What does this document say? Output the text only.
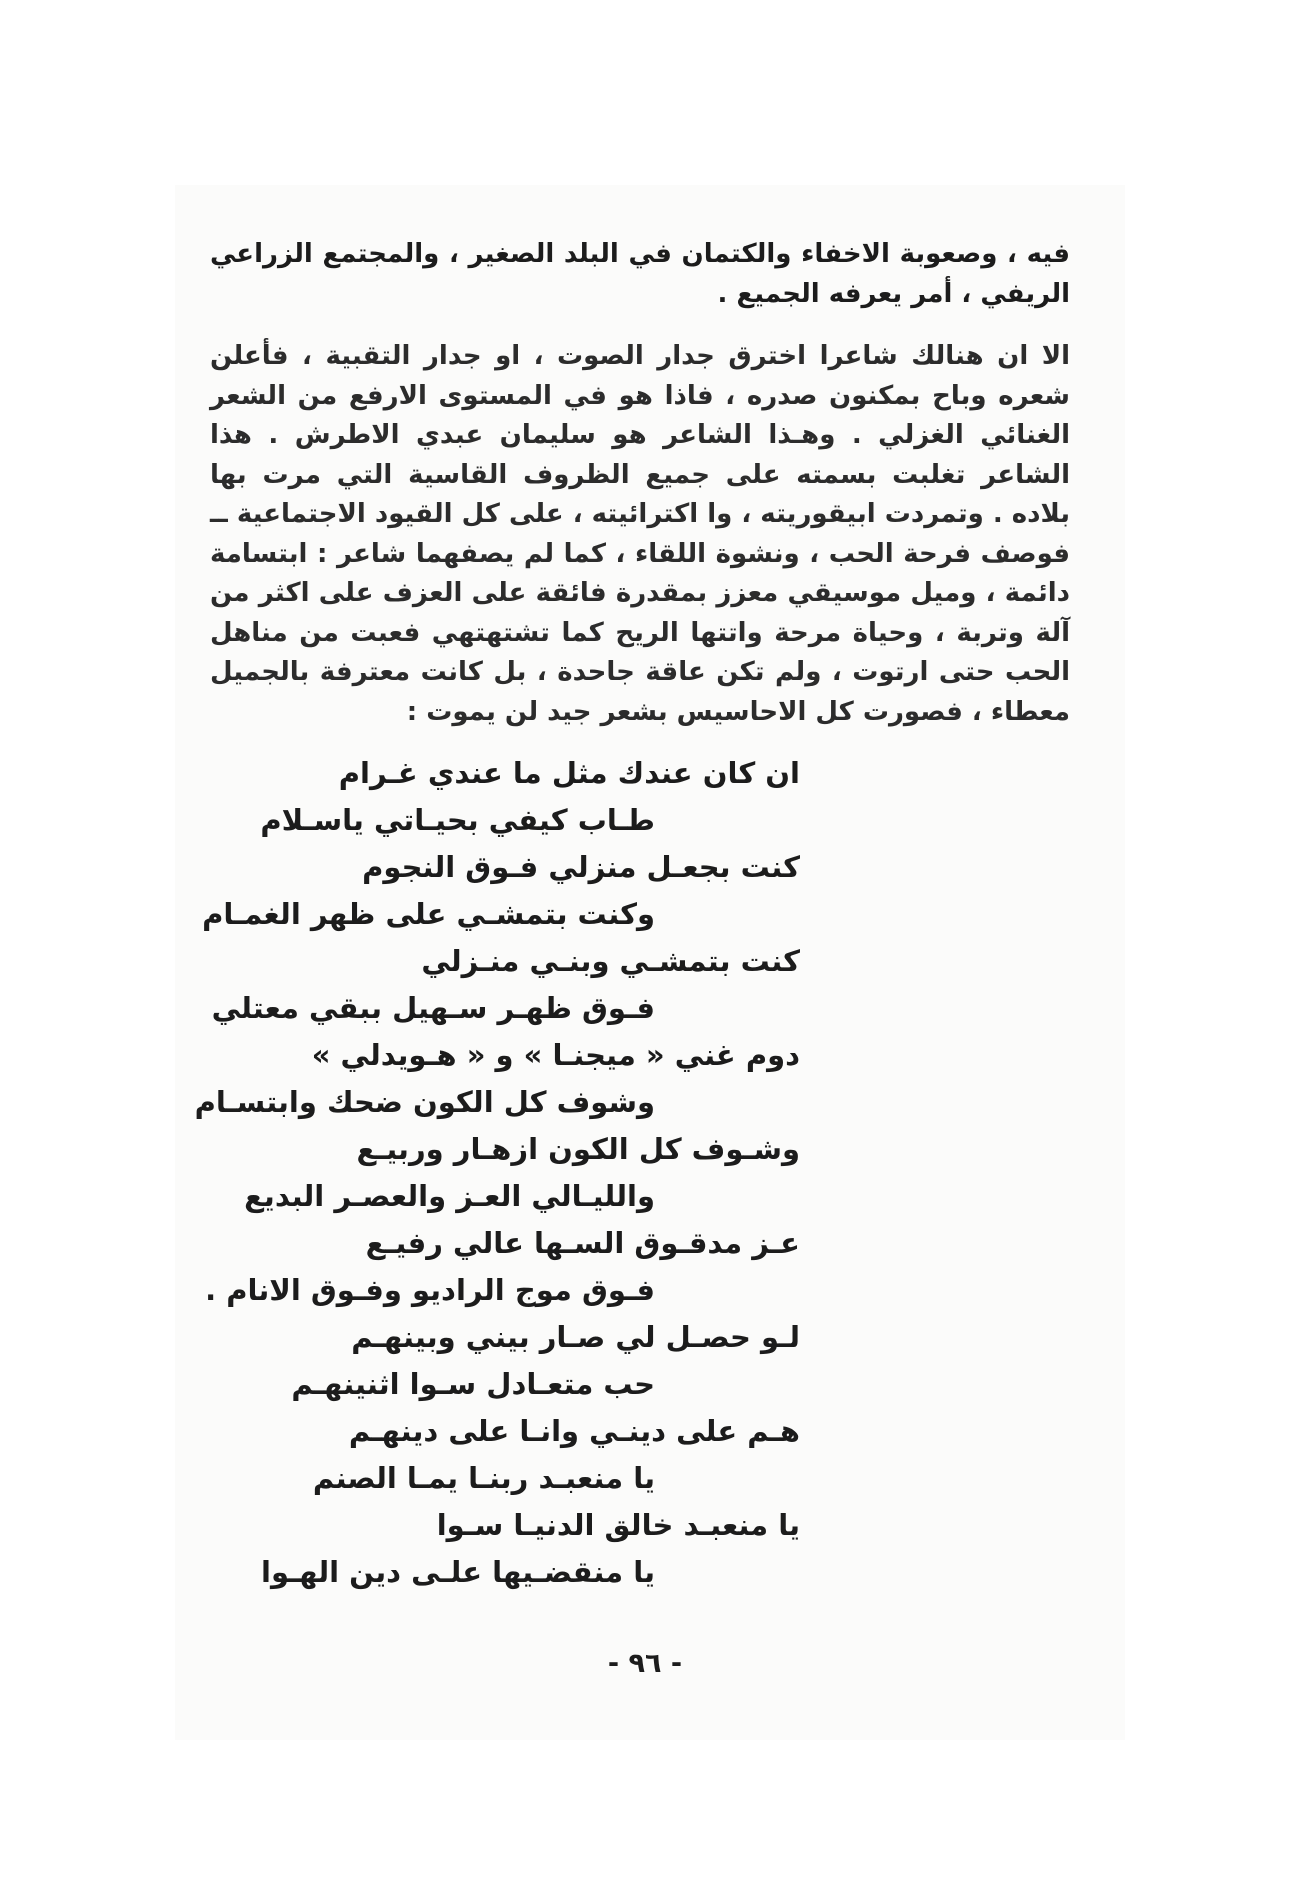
فيه ، وصعوبة الاخفاء والكتمان في البلد الصغير ، والمجتمع الزراعي الريفي ، أمر يعرفه الجميع .

الا ان هنالك شاعرا اخترق جدار الصوت ، او جدار التقبية ، فأعلن شعره وباح بمكنون صدره ، فاذا هو في المستوى الارفع من الشعر الغنائي الغزلي . وهـذا الشاعر هو سليمان عبدي الاطرش . هذا الشاعر تغلبت بسمته على جميع الظروف القاسية التي مرت بها بلاده . وتمردت ابيقوريته ، وا اكترائيته ، على كل القيود الاجتماعية ــ فوصف فرحة الحب ، ونشوة اللقاء ، كما لم يصفهما شاعر : ابتسامة دائمة ، وميل موسيقي معزز بمقدرة فائقة على العزف على اكثر من آلة وتربة ، وحياة مرحة واتتها الريح كما تشتهتهي فعبت من مناهل الحب حتى ارتوت ، ولم تكن عاقة جاحدة ، بل كانت معترفة بالجميل معطاء ، فصورت كل الاحاسيس بشعر جيد لن يموت :

ان كان عندك مثل ما عندي غـرام
طـاب كيفي بحيـاتي ياسـلام
كنت بجعـل منزلي فـوق النجوم
وكنت بتمشـي على ظهر الغمـام
كنت بتمشـي وبنـي منـزلي
فـوق ظهـر سـهيل ببقي معتلي
دوم غني « ميجنـا » و « هـويدلي »
وشوف كل الكون ضحك وابتسـام
وشـوف كل الكون ازهـار وربيـع
والليـالي العـز والعصـر البديع
عـز مدقـوق السـها عالي رفيـع
فـوق موج الراديو وفـوق الانام .
لـو حصـل لي صـار بيني وبينهـم
حب متعـادل سـوا اثنينهـم
هـم على دينـي وانـا على دينهـم
يا منعبـد ربنـا يمـا الصنم
يا منعبـد خالق الدنيـا سـوا
يا منقضـيها علـى دين الهـوا
- ٩٦ -
